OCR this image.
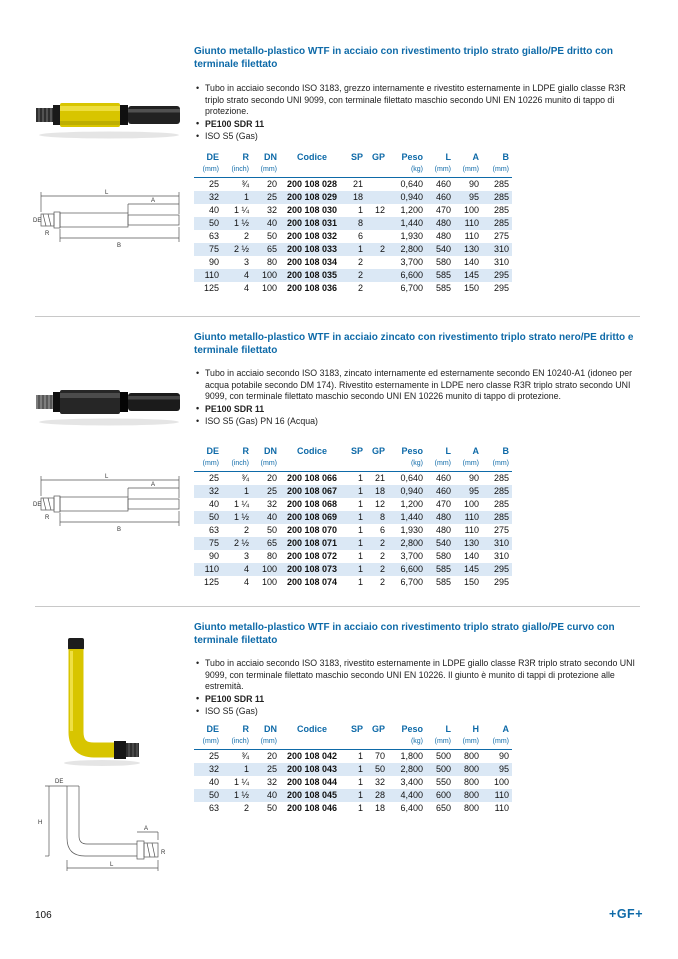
Giunto metallo-plastico WTF in acciaio con rivestimento triplo strato giallo/PE dritto con terminale filettato
• Tubo in acciaio secondo ISO 3183, grezzo internamente e rivestito esternamente in LDPE giallo classe R3R triplo strato secondo UNI 9099, con terminale filettato maschio secondo UNI EN 10226 munito di tappo di protezione.
• PE100 SDR 11
• ISO S5 (Gas)
L
A
B
DE
R
DE	R	DN	Codice	SP	GP	Peso	L	A	B
(mm)	(inch)	(mm)				(kg)	(mm)	(mm)	(mm)
25	¾	20	200 108 028	21		0,640	460	90	285
32	1	25	200 108 029	18		0,940	460	95	285
40	1 ¼	32	200 108 030	1	12	1,200	470	100	285
50	1 ½	40	200 108 031	8		1,440	480	110	285
63	2	50	200 108 032	6		1,930	480	110	275
75	2 ½	65	200 108 033	1	2	2,800	540	130	310
90	3	80	200 108 034	2		3,700	580	140	310
110	4	100	200 108 035	2		6,600	585	145	295
125	4	100	200 108 036	2		6,700	585	150	295
Giunto metallo-plastico WTF in acciaio zincato con rivestimento triplo strato nero/PE dritto e terminale filettato
• Tubo in acciaio secondo ISO 3183, zincato internamente ed esternamente secondo EN 10240-A1 (idoneo per acqua potabile secondo DM 174). Rivestito esternamente in LDPE nero classe R3R triplo strato secondo UNI 9099, con terminale filettato maschio secondo UNI EN 10226 munito di tappo di protezione.
• PE100 SDR 11
• ISO S5 (Gas) PN 16 (Acqua)
L
A
B
DE
R
DE	R	DN	Codice	SP	GP	Peso	L	A	B
(mm)	(inch)	(mm)				(kg)	(mm)	(mm)	(mm)
25	¾	20	200 108 066	1	21	0,640	460	90	285
32	1	25	200 108 067	1	18	0,940	460	95	285
40	1 ¼	32	200 108 068	1	12	1,200	470	100	285
50	1 ½	40	200 108 069	1	8	1,440	480	110	285
63	2	50	200 108 070	1	6	1,930	480	110	275
75	2 ½	65	200 108 071	1	2	2,800	540	130	310
90	3	80	200 108 072	1	2	3,700	580	140	310
110	4	100	200 108 073	1	2	6,600	585	145	295
125	4	100	200 108 074	1	2	6,700	585	150	295
Giunto metallo-plastico WTF in acciaio con rivestimento triplo strato giallo/PE curvo con terminale filettato
• Tubo in acciaio secondo ISO 3183, rivestito esternamente in LDPE giallo classe R3R triplo strato secondo UNI 9099, con terminale filettato maschio secondo UNI EN 10226. Il giunto è munito di tappi di protezione alle estremità.
• PE100 SDR 11
• ISO S5 (Gas)
H
L
A
DE
R
DE	R	DN	Codice	SP	GP	Peso	L	H	A
(mm)	(inch)	(mm)				(kg)	(mm)	(mm)	(mm)
25	¾	20	200 108 042	1	70	1,800	500	800	90
32	1	25	200 108 043	1	50	2,800	500	800	95
40	1 ¼	32	200 108 044	1	32	3,400	550	800	100
50	1 ½	40	200 108 045	1	28	4,400	600	800	110
63	2	50	200 108 046	1	18	6,400	650	800	110
106	+GF+
